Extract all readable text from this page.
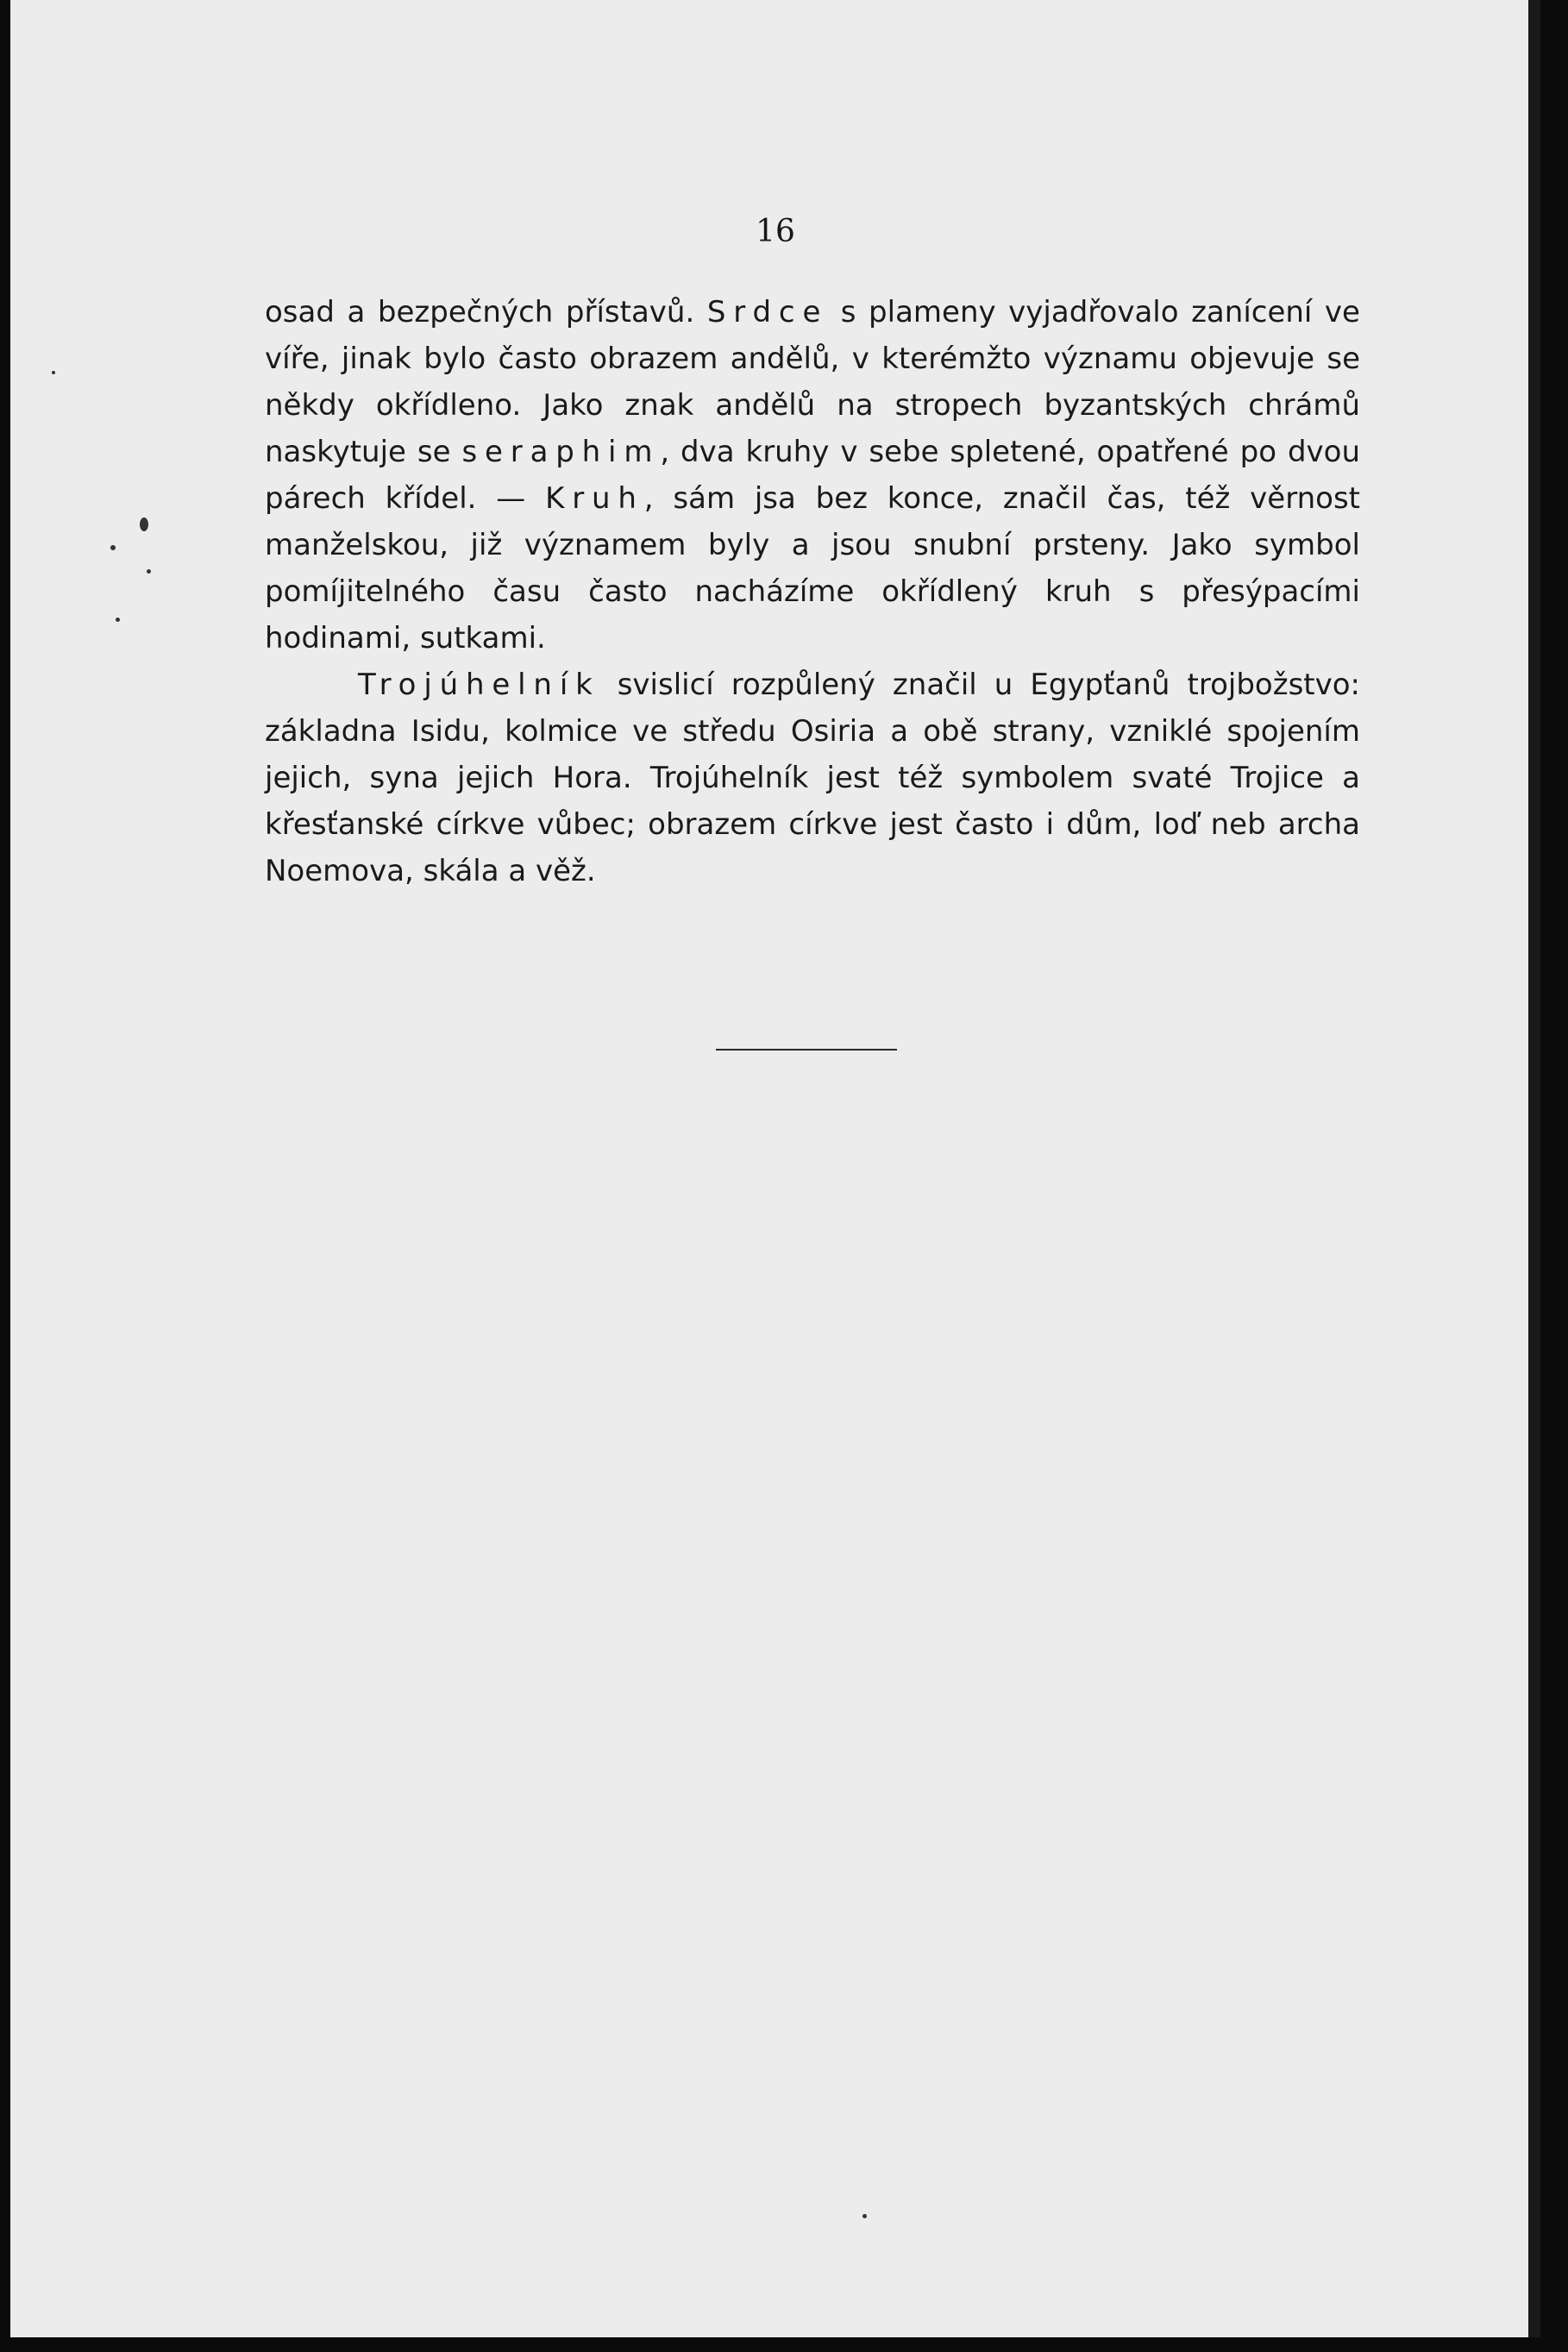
16

osad a bezpečných přístavů. Srdce s plameny vyjadřovalo zanícení ve víře, jinak bylo často obrazem andělů, v kterémžto významu objevuje se někdy okřídleno. Jako znak andělů na stropech byzantských chrámů naskytuje se seraphim, dva kruhy v sebe spletené, opatřené po dvou párech křídel. — Kruh, sám jsa bez konce, značil čas, též věrnost manželskou, již významem byly a jsou snubní prsteny. Jako symbol pomíjitelného času často nacházíme okřídlený kruh s přesýpacími hodinami, sutkami.

Trojúhelník svislicí rozpůlený značil u Egypťanů trojbožstvo: základna Isidu, kolmice ve středu Osiria a obě strany, vzniklé spojením jejich, syna jejich Hora. Trojúhelník jest též symbolem svaté Trojice a křesťanské církve vůbec; obrazem církve jest často i dům, loď neb archa Noemova, skála a věž.
